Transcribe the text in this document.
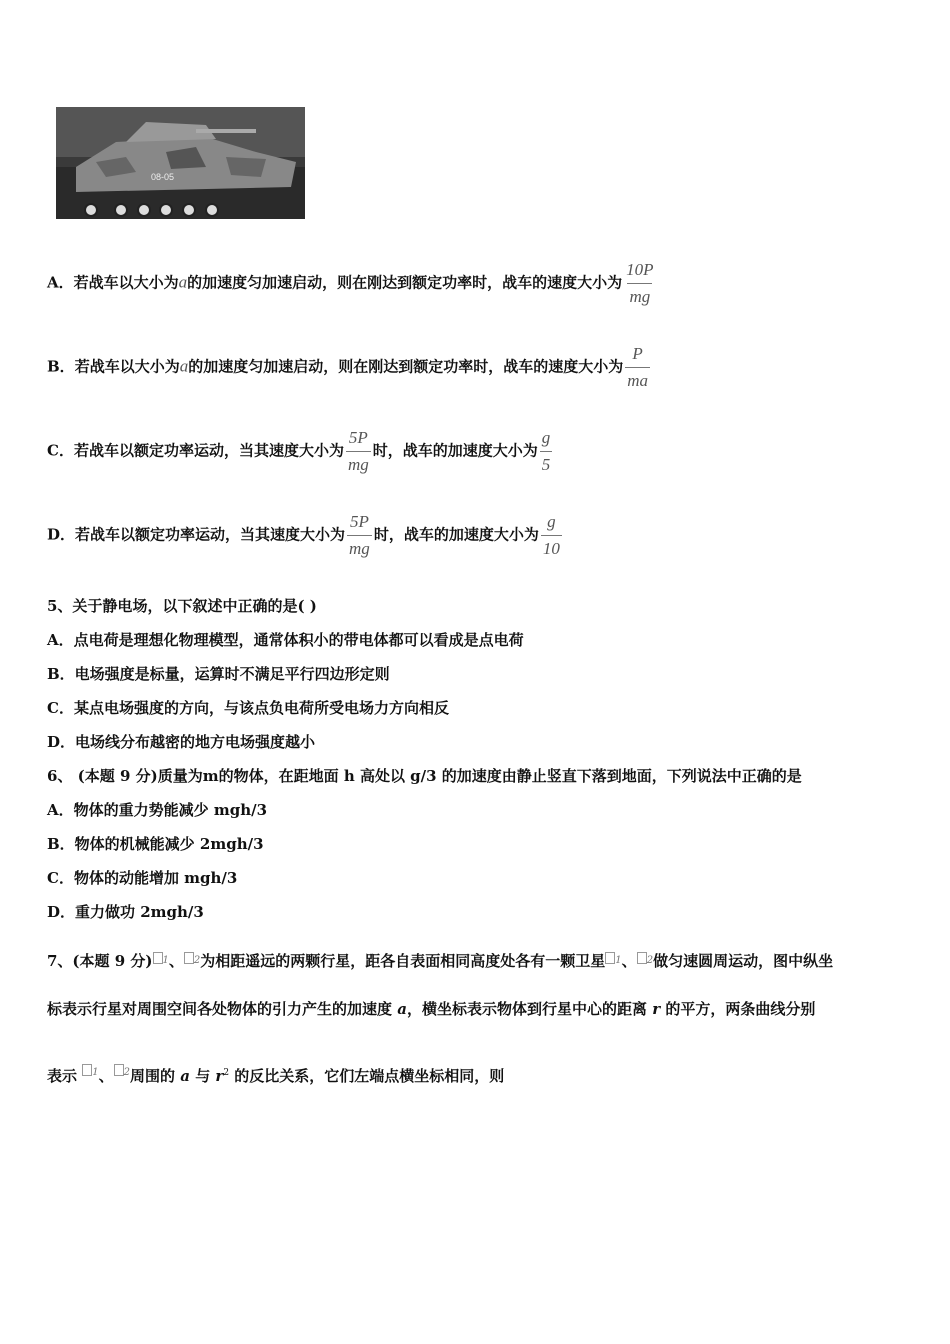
08-05
A．若战车以大小为a的加速度匀加速启动，则在刚达到额定功率时，战车的速度大小为 $\frac{10P}{mg}$
B．若战车以大小为a的加速度匀加速启动，则在刚达到额定功率时，战车的速度大小为 $\frac{P}{ma}$
C．若战车以额定功率运动，当其速度大小为 $\frac{5P}{mg}$ 时，战车的加速度大小为 $\frac{g}{5}$
D．若战车以额定功率运动，当其速度大小为 $\frac{5P}{mg}$ 时，战车的加速度大小为 $\frac{g}{10}$
5、关于静电场，以下叙述中正确的是( )
A．点电荷是理想化物理模型，通常体积小的带电体都可以看成是点电荷
B．电场强度是标量，运算时不满足平行四边形定则
C．某点电场强度的方向，与该点负电荷所受电场力方向相反
D．电场线分布越密的地方电场强度越小
6、 (本题 9 分)质量为m的物体，在距地面 h 高处以 g/3 的加速度由静止竖直下落到地面，下列说法中正确的是
A．物体的重力势能减少 mgh/3
B．物体的机械能减少 2mgh/3
C．物体的动能增加 mgh/3
D．重力做功 2mgh/3
7、(本题 9 分) 1、 2为相距遥远的两颗行星，距各自表面相同高度处各有一颗卫星 1、 2做匀速圆周运动，图中纵坐
标表示行星对周围空间各处物体的引力产生的加速度 a，横坐标表示物体到行星中心的距离 r 的平方，两条曲线分别
表示 1、 2周围的 a 与 $r^2$ 的反比关系，它们左端点横坐标相同，则
